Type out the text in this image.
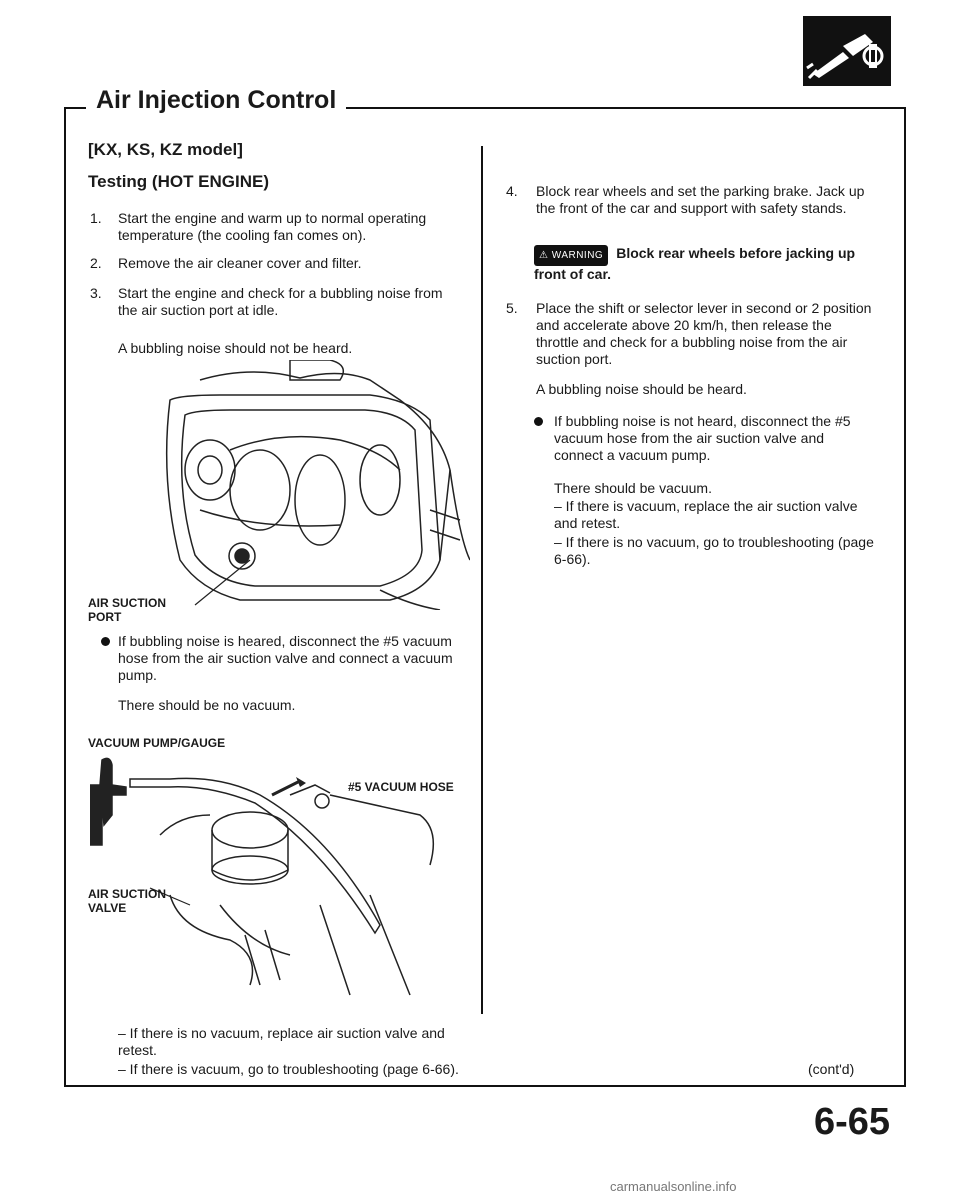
Air Injection Control
[KX, KS, KZ model]
Testing (HOT ENGINE)
1. Start the engine and warm up to normal operating temperature (the cooling fan comes on).
2. Remove the air cleaner cover and filter.
3. Start the engine and check for a bubbling noise from the air suction port at idle.
A bubbling noise should not be heard.
AIR SUCTION PORT
If bubbling noise is heared, disconnect the #5 vacuum hose from the air suction valve and connect a vacuum pump.
There should be no vacuum.
VACUUM PUMP/GAUGE
#5 VACUUM HOSE
AIR SUCTION VALVE
– If there is no vacuum, replace air suction valve and retest.
– If there is vacuum, go to troubleshooting (page 6-66).
4. Block rear wheels and set the parking brake. Jack up the front of the car and support with safety stands.
⚠ WARNING Block rear wheels before jacking up front of car.
5. Place the shift or selector lever in second or 2 position and accelerate above 20 km/h, then release the throttle and check for a bubbling noise from the air suction port.
A bubbling noise should be heard.
If bubbling noise is not heard, disconnect the #5 vacuum hose from the air suction valve and connect a vacuum pump.
There should be vacuum.
– If there is vacuum, replace the air suction valve and retest.
– If there is no vacuum, go to troubleshooting (page 6-66).
(cont'd)
6-65
carmanualsonline.info
